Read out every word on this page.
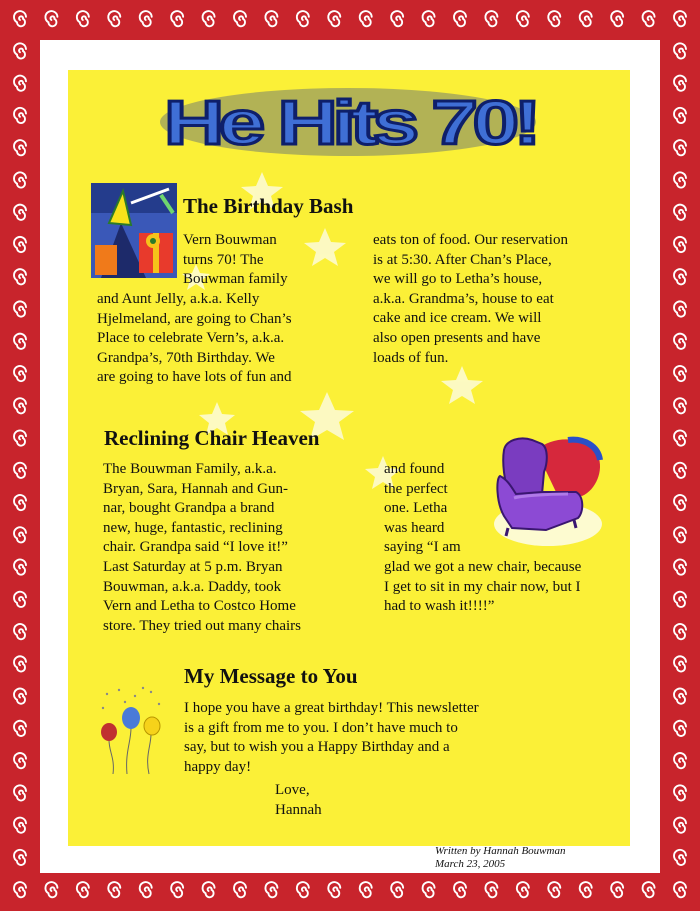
He Hits 70!
The Birthday Bash

Vern Bouwman

turns 70! The

Bouwman family

and Aunt Jelly, a.k.a. Kelly

Hjelmeland, are going to Chan’s

Place to celebrate Vern’s, a.k.a.

Grandpa’s, 70th Birthday. We

are going to have lots of fun and

eats ton of food. Our reservation

is at 5:30. After Chan’s Place,

we will go to Letha’s house,

a.k.a. Grandma’s, house to eat

cake and ice cream. We will

also open presents and have

loads of fun.

Reclining Chair Heaven

The Bouwman Family, a.k.a.

Bryan, Sara, Hannah and Gun-

nar, bought Grandpa a brand

new, huge, fantastic, reclining

chair. Grandpa said “I love it!”

Last Saturday at 5 p.m. Bryan

Bouwman, a.k.a. Daddy, took

Vern and Letha to Costco Home

store. They tried out many chairs

and found

the perfect

one. Letha

was heard

saying “I am

glad we got a new chair, because

I get to sit in my chair now, but I

had to wash it!!!!”

My Message to You

I hope you have a great birthday! This newsletter

is a gift from me to you. I don’t have much to

say, but to wish you a Happy Birthday and a

happy day!

Love,

Hannah

Written by Hannah Bouwman
March 23, 2005
